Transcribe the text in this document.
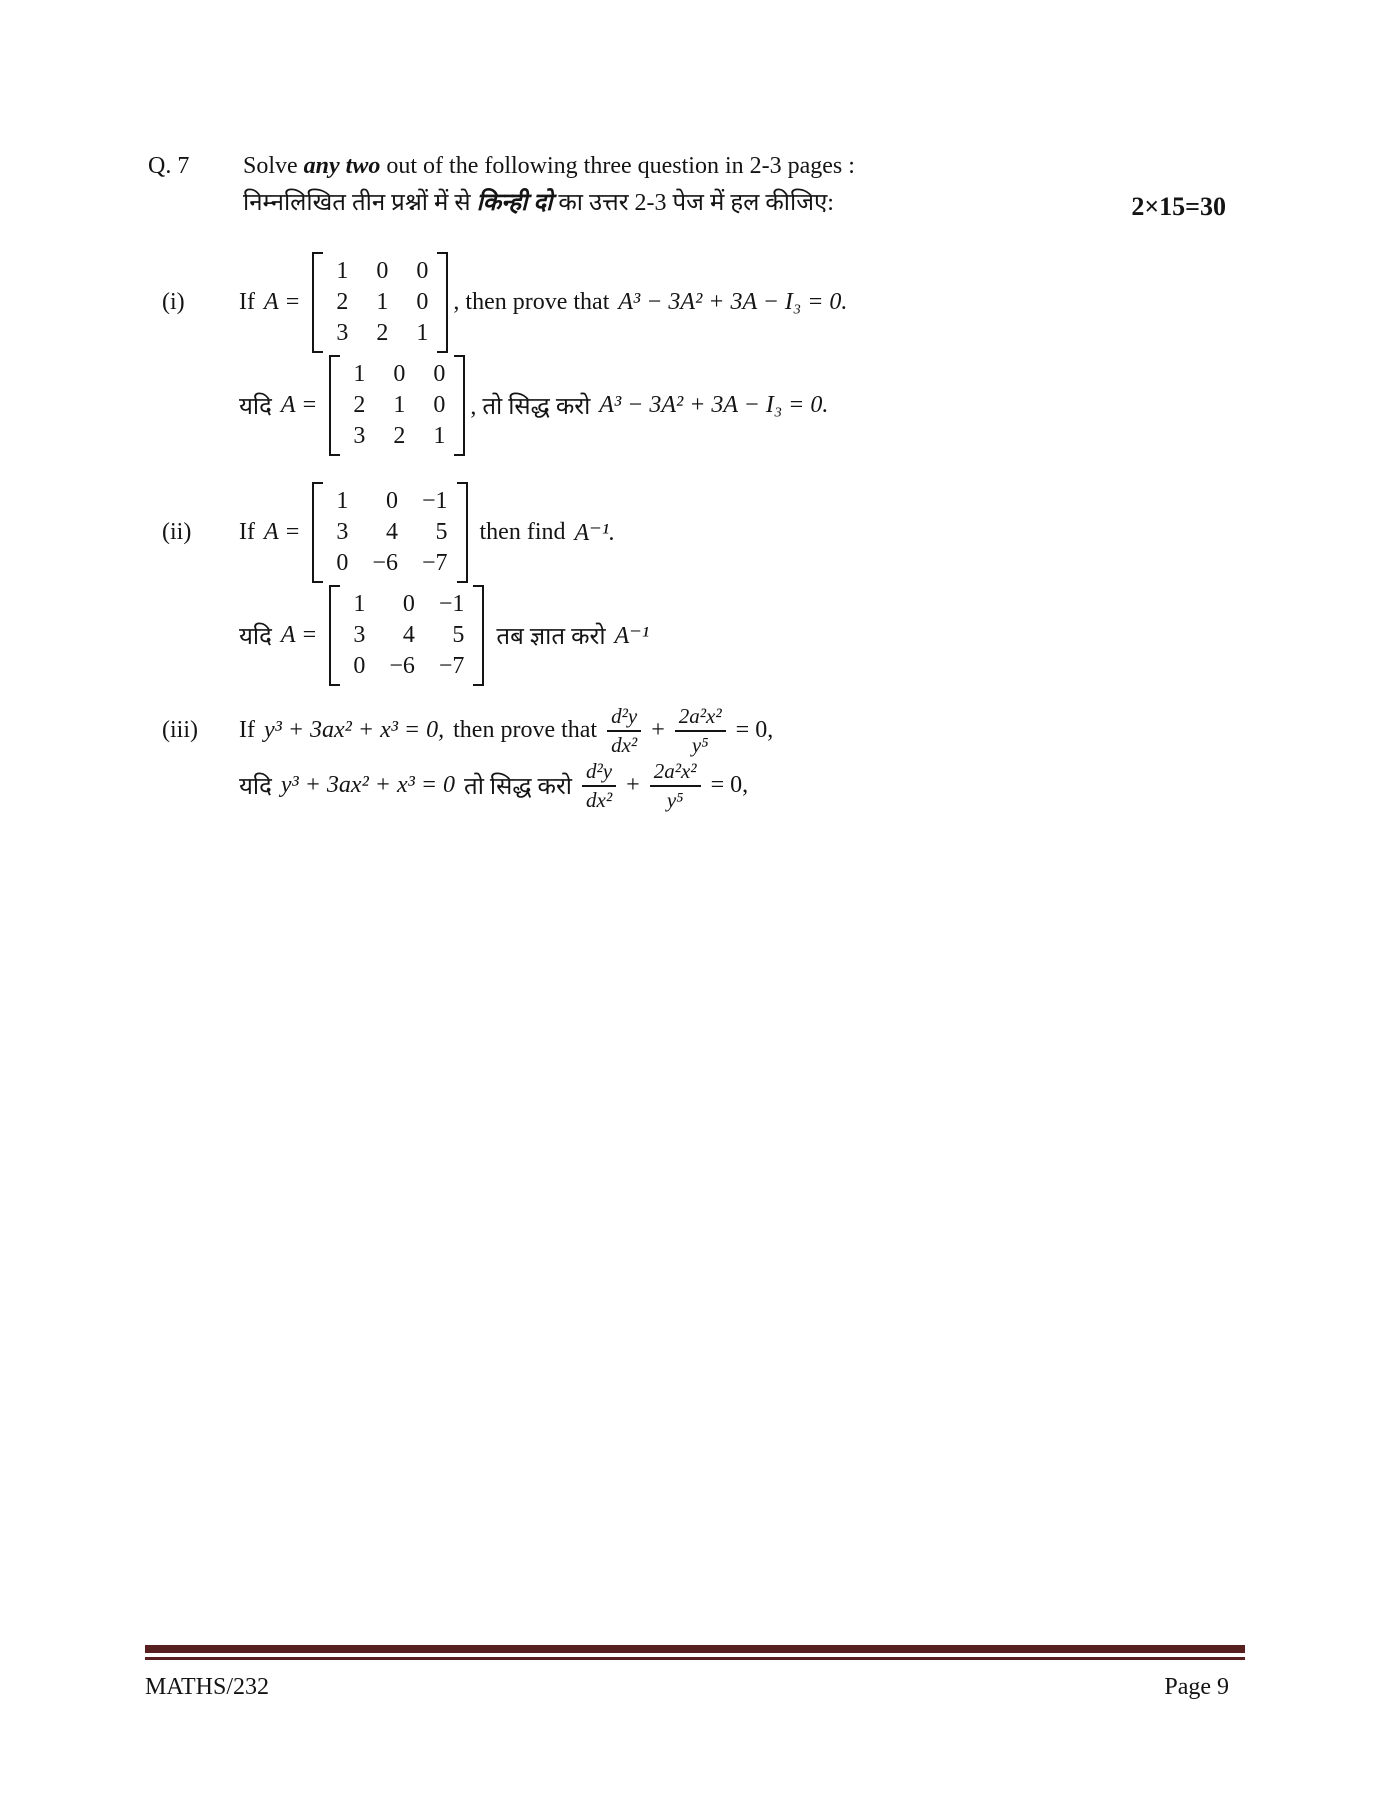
Q. 7	Solve any two out of the following three question in 2-3 pages :
निम्नलिखित तीन प्रश्नों में से किन्ही दो का उत्तर 2-3 पेज में हल कीजिए:	2×15=30
(i)	If A =
1 0 0
2 1 0
3 2 1
, then prove that A³ − 3A² + 3A − I₃ = 0.
यदि A =
1 0 0
2 1 0
3 2 1
, तो सिद्ध करो A³ − 3A² + 3A − I₃ = 0.
(ii)	If A =
1	0 −1
3	4	5
0 −6 −7
then find A⁻¹.
यदि A =
1	0 −1
3	4	5
0 −6 −7
तब ज्ञात करो A⁻¹
(iii)	If y³ + 3ax² + x³ = 0, then prove that $\frac{\text{d²y}}{\text{dx²}} + \frac{\text{2a²x²}}{\text{y⁵}} = 0$,
यदि y³ + 3ax² + x³ = 0 तो सिद्ध करो $\frac{\text{d²y}}{\text{dx²}} + \frac{\text{2a²x²}}{\text{y⁵}} = 0$,
MATHS/232	Page 9
